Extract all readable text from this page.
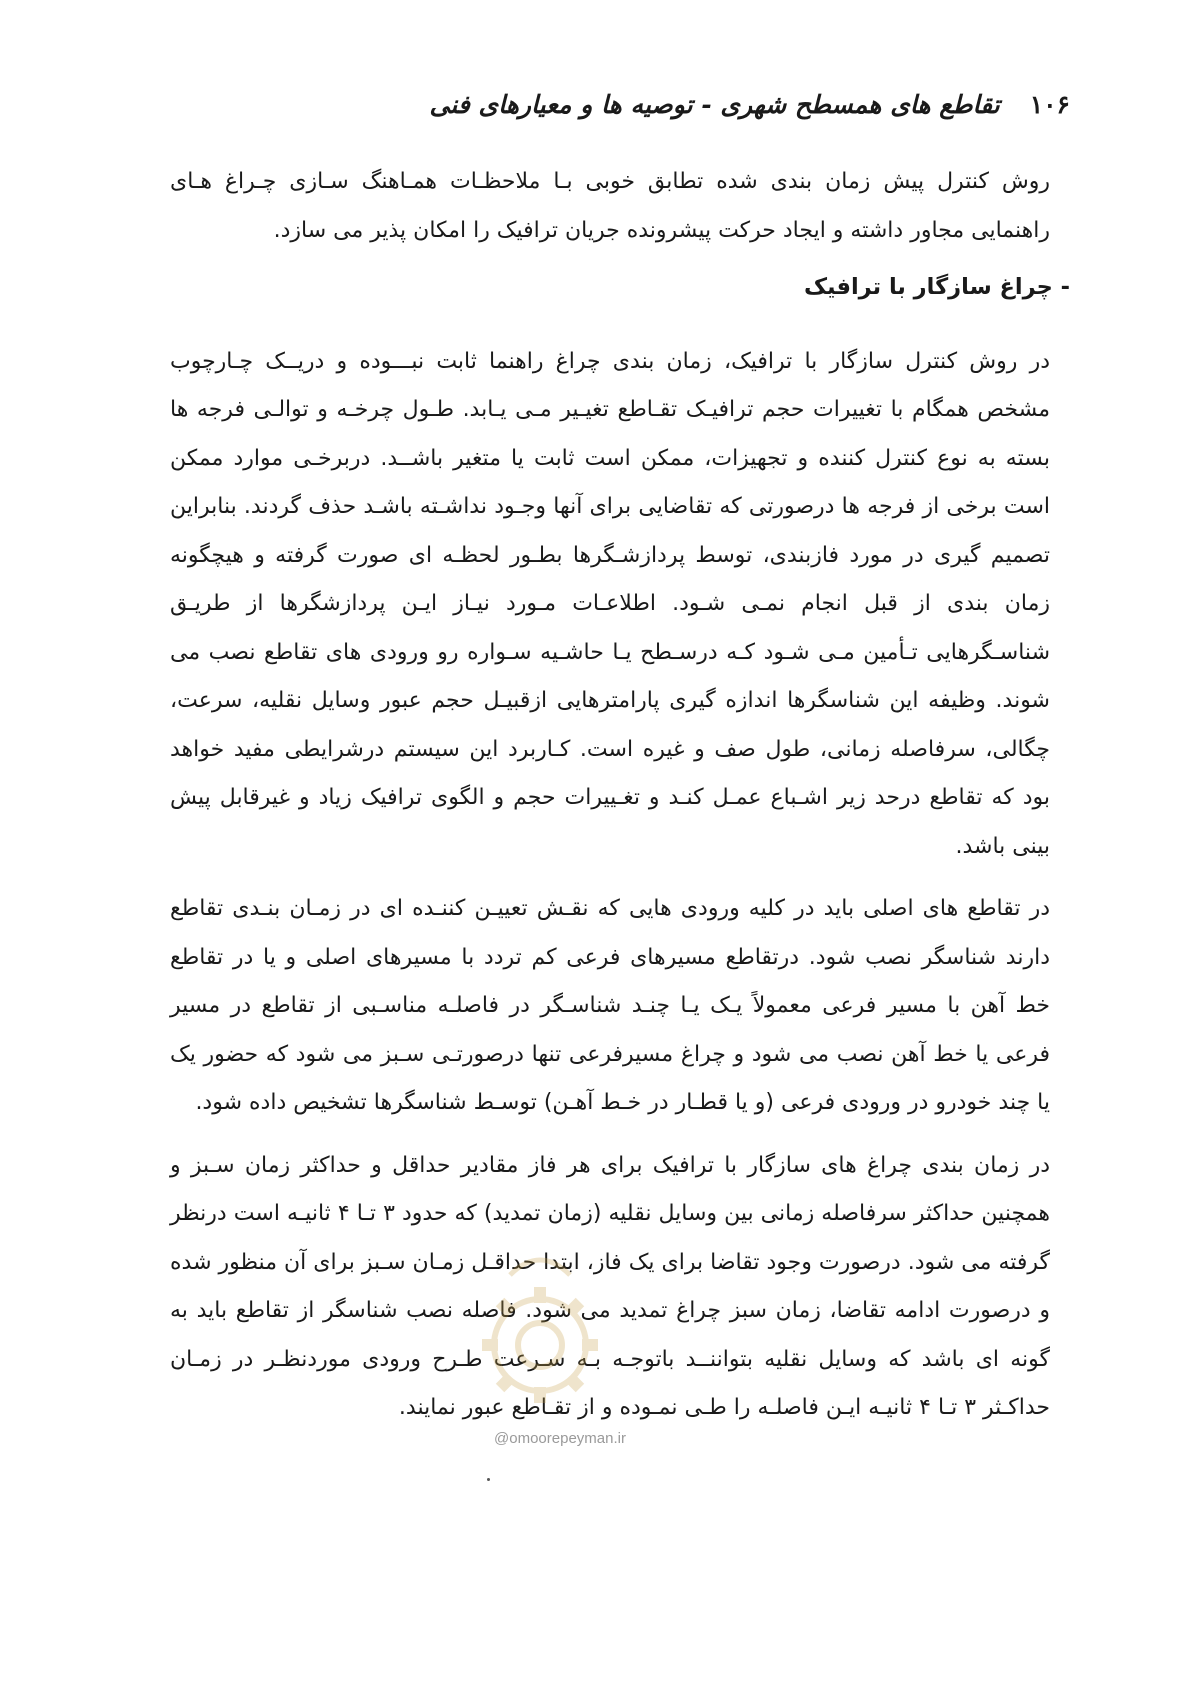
۱۰۶
تقاطع های همسطح شهری - توصیه ها و معیارهای فنی

روش کنترل پیش زمان بندی شده تطابق خوبی بـا ملاحظـات همـاهنگ سـازی چـراغ هـای راهنمایی مجاور داشته و ایجاد حرکت پیشرونده جریان ترافیک را امکان پذیر می سازد.

- چراغ سازگار با ترافیک

در روش کنترل سازگار با ترافیک، زمان بندی چراغ راهنما ثابت نبـــوده و دریــک چـارچوب مشخص همگام با تغییرات حجم ترافیـک تقـاطع تغیـیر مـی یـابد. طـول چرخـه و توالـی فرجه ها بسته به نوع کنترل کننده و تجهیزات، ممکن است ثابت یا متغیر باشــد. دربرخـی موارد ممکن است برخی از فرجه ها درصورتی که تقاضایی برای آنها وجـود نداشـته باشـد حذف گردند. بنابراین تصمیم گیری در مورد فازبندی، توسط پردازشـگرها بطـور لحظـه ای صورت گرفته و هیچگونه زمان بندی از قبل انجام نمـی شـود. اطلاعـات مـورد نیـاز ایـن پردازشگرها از طریـق شناسـگرهایی تـأمین مـی شـود کـه درسـطح یـا حاشـیه سـواره رو ورودی های تقاطع نصب می شوند. وظیفه این شناسگرها اندازه گیری پارامترهایی ازقبیـل حجم عبور وسایل نقلیه، سرعت، چگالی، سرفاصله زمانی، طول صف و غیره است. کـاربرد این سیستم درشرایطی مفید خواهد بود که تقاطع درحد زیر اشـباع عمـل کنـد و تغـییرات حجم و الگوی ترافیک زیاد و غیرقابل پیش بینی باشد.

در تقاطع های اصلی باید در کلیه ورودی هایی که نقـش تعییـن کننـده ای در زمـان بنـدی تقاطع دارند شناسگر نصب شود. درتقاطع مسیرهای فرعی کم تردد با مسیرهای اصلی و یا در تقاطع خط آهن با مسیر فرعی معمولاً یـک یـا چنـد شناسـگر در فاصلـه مناسـبی از تقاطع در مسیر فرعی یا خط آهن نصب می شود و چراغ مسیرفرعی تنها درصورتـی سـبز می شود که حضور یک یا چند خودرو در ورودی فرعی (و یا قطـار در خـط آهـن) توسـط شناسگرها تشخیص داده شود.

در زمان بندی چراغ های سازگار با ترافیک برای هر فاز مقادیر حداقل و حداکثر زمان سـبز و همچنین حداکثر سرفاصله زمانی بین وسایل نقلیه (زمان تمدید) که حدود ۳ تـا ۴ ثانیـه است درنظر گرفته می شود. درصورت وجود تقاضا برای یک فاز، ابتدا حداقـل زمـان سـبز برای آن منظور شده و درصورت ادامه تقاضا، زمان سبز چراغ تمدید می شود. فاصله نصب شناسگر از تقاطع باید به گونه ای باشد که وسایل نقلیه بتواننــد باتوجـه بـه سـرعت طـرح ورودی موردنظـر در زمـان حداکـثر ۳ تـا ۴ ثانیـه ایـن فاصلـه را طـی نمـوده و از تقـاطع عبور نمایند.

@omoorepeyman.ir
